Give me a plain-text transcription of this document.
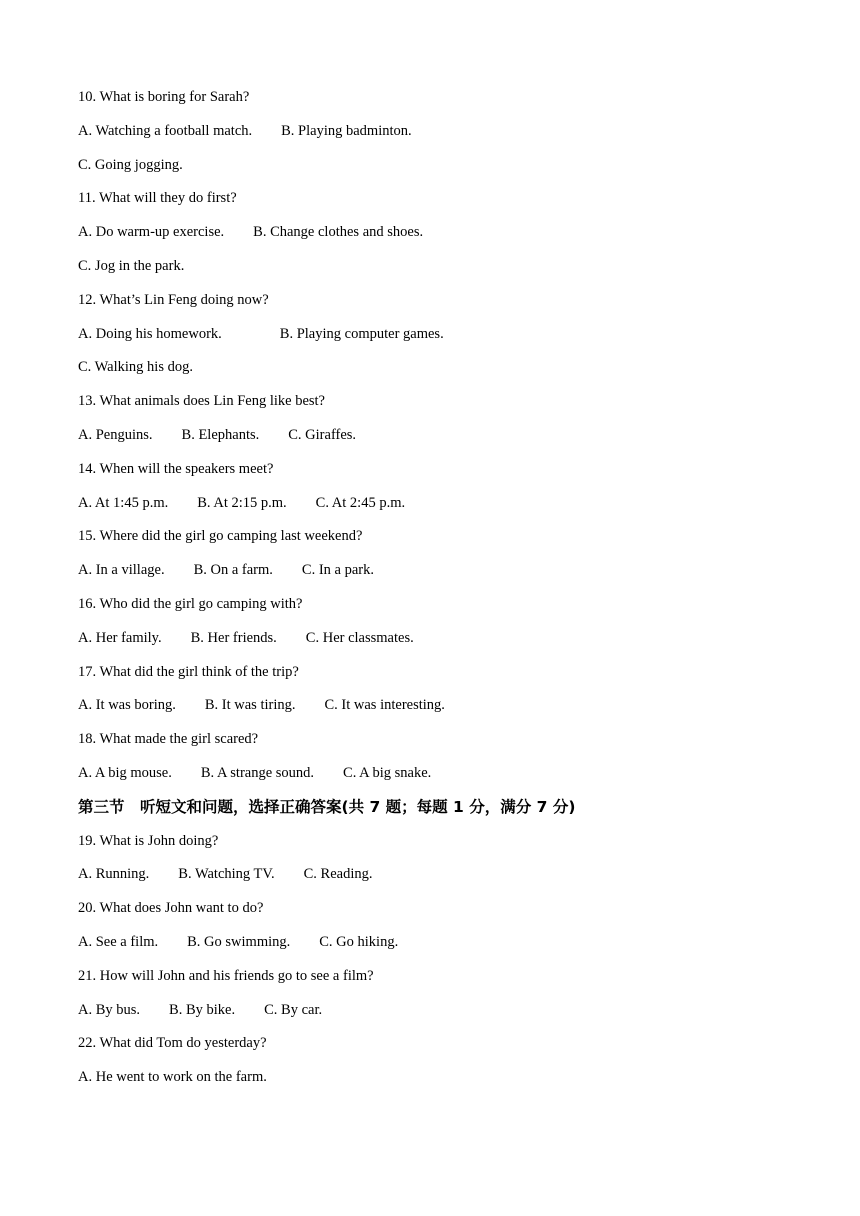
10. What is boring for Sarah?
A. Watching a football match. B. Playing badminton.
C. Going jogging.
11. What will they do first?
A. Do warm-up exercise. B. Change clothes and shoes.
C. Jog in the park.
12. What’s Lin Feng doing now?
A. Doing his homework.	B. Playing computer games.
C. Walking his dog.
13. What animals does Lin Feng like best?
A. Penguins. B. Elephants. C. Giraffes.
14. When will the speakers meet?
A. At 1:45 p.m. B. At 2:15 p.m. C. At 2:45 p.m.
15. Where did the girl go camping last weekend?
A. In a village. B. On a farm. C. In a park.
16. Who did the girl go camping with?
A. Her family. B. Her friends. C. Her classmates.
17. What did the girl think of the trip?
A. It was boring. B. It was tiring. C. It was interesting.
18. What made the girl scared?
A. A big mouse. B. A strange sound. C. A big snake.
第三节　听短文和问题，选择正确答案(共 7 题；每题 1 分，满分 7 分)
19. What is John doing?
A. Running. B. Watching TV. C. Reading.
20. What does John want to do?
A. See a film. B. Go swimming. C. Go hiking.
21. How will John and his friends go to see a film?
A. By bus. B. By bike. C. By car.
22. What did Tom do yesterday?
A. He went to work on the farm.
